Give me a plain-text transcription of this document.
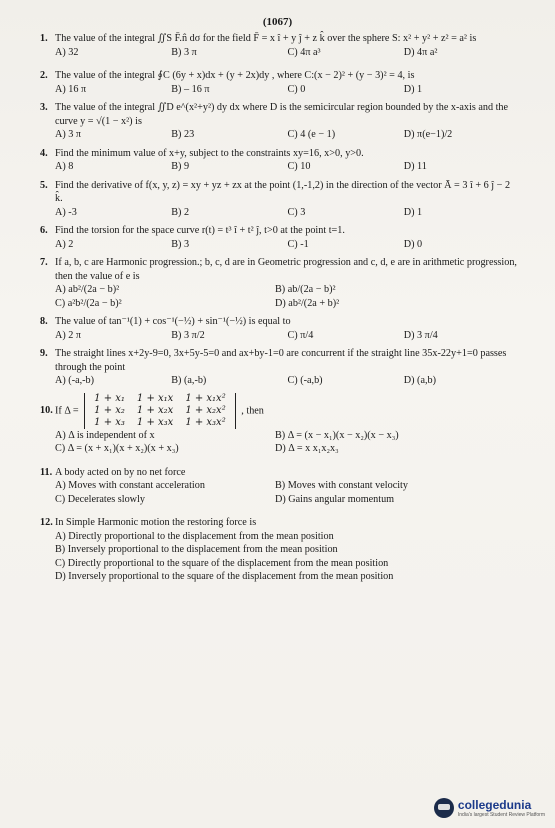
(1067)
1. The value of the integral ∬S F̄.n̂ dσ for the field F̄ = x î + y ĵ + z k̂ over the sphere S: x² + y² + z² = a² is
A) 32	B) 3 π	C) 4π a³	D) 4π a²
2. The value of the integral ∮C (6y + x)dx + (y + 2x)dy , where C:(x − 2)² + (y − 3)² = 4, is
A) 16 π	B) – 16 π	C) 0	D) 1
3. The value of the integral ∬D e^(x²+y²) dy dx where D is the semicircular region bounded by the x-axis and the curve y = √(1 − x²) is
A) 3 π	B) 23	C) 4 (e − 1)	D) π(e−1)/2
4. Find the minimum value of x+y, subject to the constraints xy=16, x>0, y>0.
A) 8	B) 9	C) 10	D) 11
5. Find the derivative of f(x, y, z) = xy + yz + zx at the point (1,-1,2) in the direction of the vector Ā = 3 î + 6 ĵ − 2 k̂.
A) -3	B) 2	C) 3	D) 1
6. Find the torsion for the space curve r(t) = t³ î + t² ĵ, t>0 at the point t=1.
A) 2	B) 3	C) -1	D) 0
7. If a, b, c are Harmonic progression.; b, c, d are in Geometric progression and c, d, e are in arithmetic progression, then the value of e is
A) ab²/(2a − b)²	B) ab/(2a − b)²
C) a²b²/(2a − b)²	D) ab²/(2a + b)²
8. The value of tan⁻¹(1) + cos⁻¹(−½) + sin⁻¹(−½) is equal to
A) 2 π	B) 3 π/2	C) π/4	D) 3 π/4
9. The straight lines x+2y-9=0, 3x+5y-5=0 and ax+by-1=0 are concurrent if the straight line 35x-22y+1=0 passes through the point
A) (-a,-b)	B) (a,-b)	C) (-a,b)	D) (a,b)
10. If Δ =
1 + x₁	1 + x₁x	1 + x₁x²
1 + x₂	1 + x₂x	1 + x₂x²
1 + x₃	1 + x₃x	1 + x₃x²
, then
A) Δ is independent of x	B) Δ = (x − x₁)(x − x₂)(x − x₃)
C) Δ = (x + x₁)(x + x₂)(x + x₃)	D) Δ = x x₁x₂x₃
11. A body acted on by no net force
A) Moves with constant acceleration	B) Moves with constant velocity
C) Decelerates slowly	D) Gains angular momentum
12. In Simple Harmonic motion the restoring force is
A) Directly proportional to the displacement from the mean position
B) Inversely proportional to the displacement from the mean position
C) Directly proportional to the square of the displacement from the mean position
D) Inversely proportional to the square of the displacement from the mean position
collegedunia
India's largest Student Review Platform
